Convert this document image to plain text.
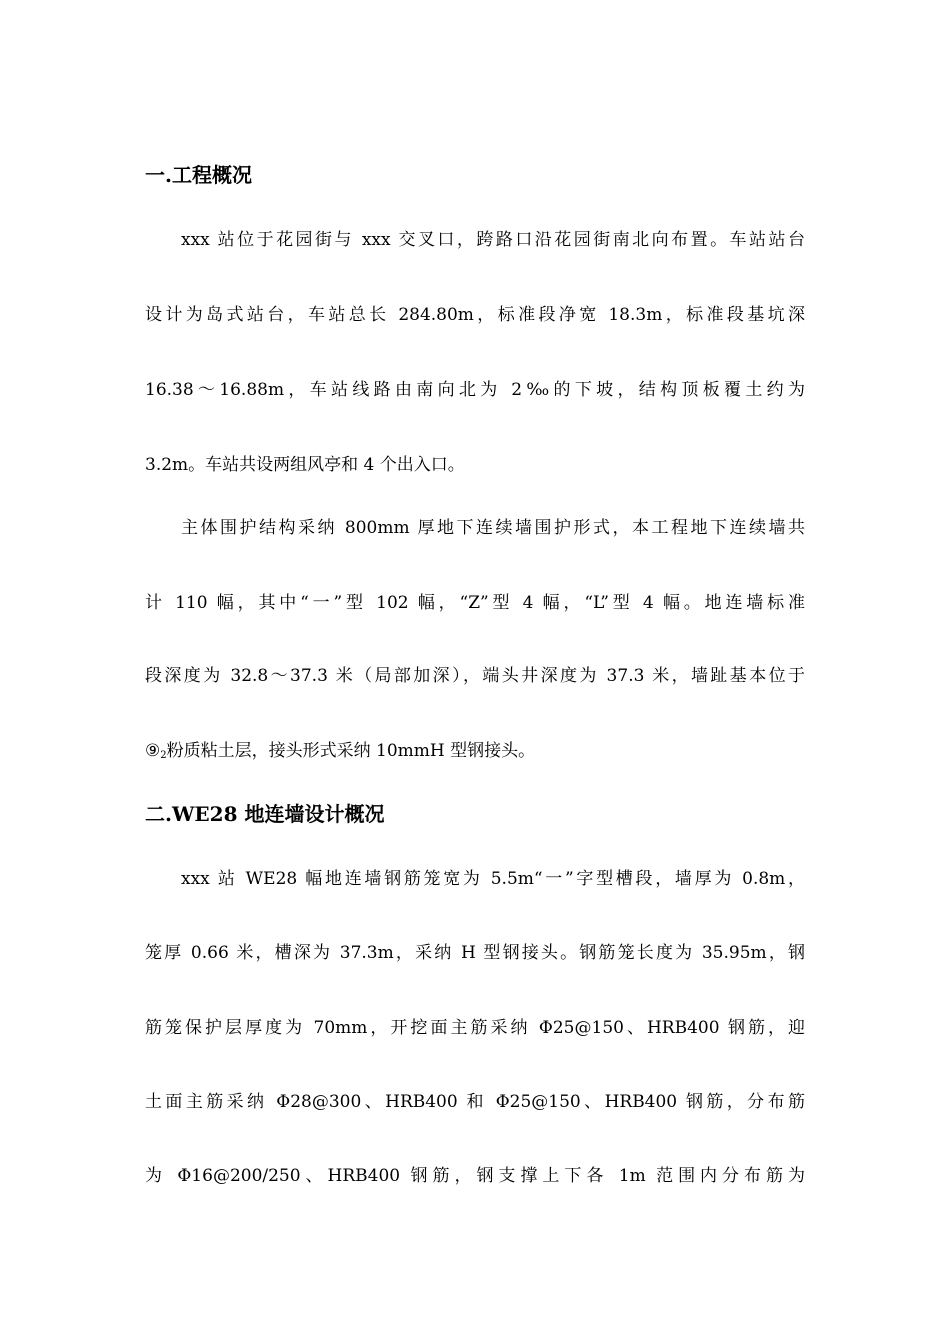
一.工程概况
xxx 站位于花园街与 xxx 交叉口，跨路口沿花园街南北向布置。车站站台
设计为岛式站台，车站总长 284.80m，标准段净宽 18.3m，标准段基坑深
16.38～16.88m，车站线路由南向北为 2‰的下坡，结构顶板覆土约为
3.2m。车站共设两组风亭和 4 个出入口。
主体围护结构采纳 800mm 厚地下连续墙围护形式，本工程地下连续墙共
计 110 幅，其中“一”型 102 幅，“Z”型 4 幅，“L”型 4 幅。地连墙标准
段深度为 32.8～37.3 米（局部加深），端头井深度为 37.3 米，墙趾基本位于
$⑨_2$粉质粘土层，接头形式采纳 10mmH 型钢接头。
二.WE28 地连墙设计概况
xxx 站 WE28 幅地连墙钢筋笼宽为 5.5m“一”字型槽段，墙厚为 0.8m，
笼厚 0.66 米，槽深为 37.3m，采纳 H 型钢接头。钢筋笼长度为 35.95m，钢
筋笼保护层厚度为 70mm，开挖面主筋采纳 Φ25@150、HRB400 钢筋，迎
土面主筋采纳 Φ28@300、HRB400 和 Φ25@150、HRB400 钢筋，分布筋
为 Φ16@200/250、HRB400 钢筋，钢支撑上下各 1m 范围内分布筋为
